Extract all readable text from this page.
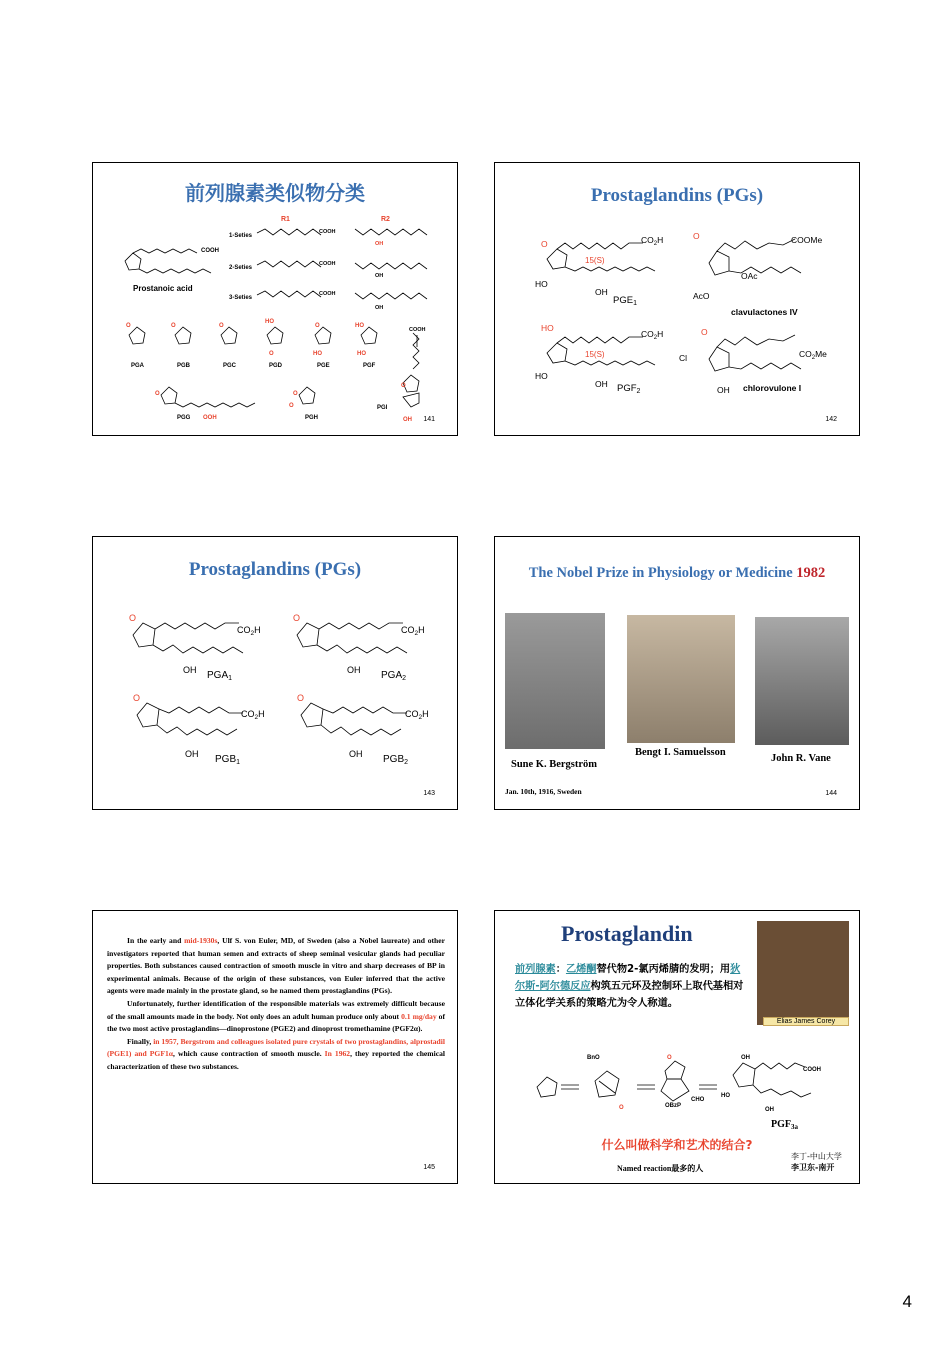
前列腺素类似物分类
COOH
Prostanoic acid
1-Seties
2-Seties
3-Seties
R1	R2
COOH
COOH
COOH
OH
OH
OH
O	O	O
HO
O	HO
O	HO	HO
COOH
PGA	PGB	PGC	PGD	PGE	PGF
O
OOH
O
O
O
PGG	PGH
PGI
OH 141
Prostaglandins (PGs)
O
HO
O
O
HO
OH
HO
OH
AcO
OAc
OH
Cl
$CO_2H$
$CO_2H$
COOMe
$CO_2Me$
15(S)
15(S)
$PGE_1$
$PGF_2$
clavulactones IV
chlorovulone I
142
Prostaglandins (PGs)
O	O
O	O
$CO_2H$	$CO_2H$
$CO_2H$	$CO_2H$
OH	OH
OH	OH
$PGA_1$	$PGA_2$
$PGB_1$	$PGB_2$
143
The Nobel Prize in Physiology or Medicine 1982
Sune K. Bergström
Bengt I. Samuelsson
John R. Vane
Jan. 10th, 1916, Sweden	144

In the early and mid-1930s, Ulf S. von Euler, MD, of Sweden (also a Nobel laureate) and other investigators reported that human semen and extracts of sheep seminal vesicular glands had peculiar properties. Both substances caused contraction of smooth muscle in vitro and sharp decreases of BP in experimental animals. Because of the origin of these substances, von Euler inferred that the active agents were made mainly in the prostate gland, so he named them prostaglandins (PGs).

Unfortunately, further identification of the responsible materials was extremely difficult because of the small amounts made in the body. Not only does an adult human produce only about 0.1 mg/day of the two most active prostaglandins—dinoprostone (PGE2) and dinoprost tromethamine (PGF2α).

Finally, in 1957, Bergstrom and colleagues isolated pure crystals of two prostaglandins, alprostadil (PGE1) and PGF1α, which cause contraction of smooth muscle. In 1962, they reported the chemical characterization of these two substances.

145
Prostaglandin
Elias James Corey
前列腺素：乙烯酮替代物2-氯丙烯腈的发明；用狄尔斯-阿尔德反应构筑五元环及控制环上取代基相对立体化学关系的策略尤为令人称道。
BnO
OBzP
CHO
HO
OH
COOH
OH
O
O
$PGF_{3a}$
什么叫做科学和艺术的结合?
Named reaction最多的人
李丁-中山大学
李卫东-南开
4
